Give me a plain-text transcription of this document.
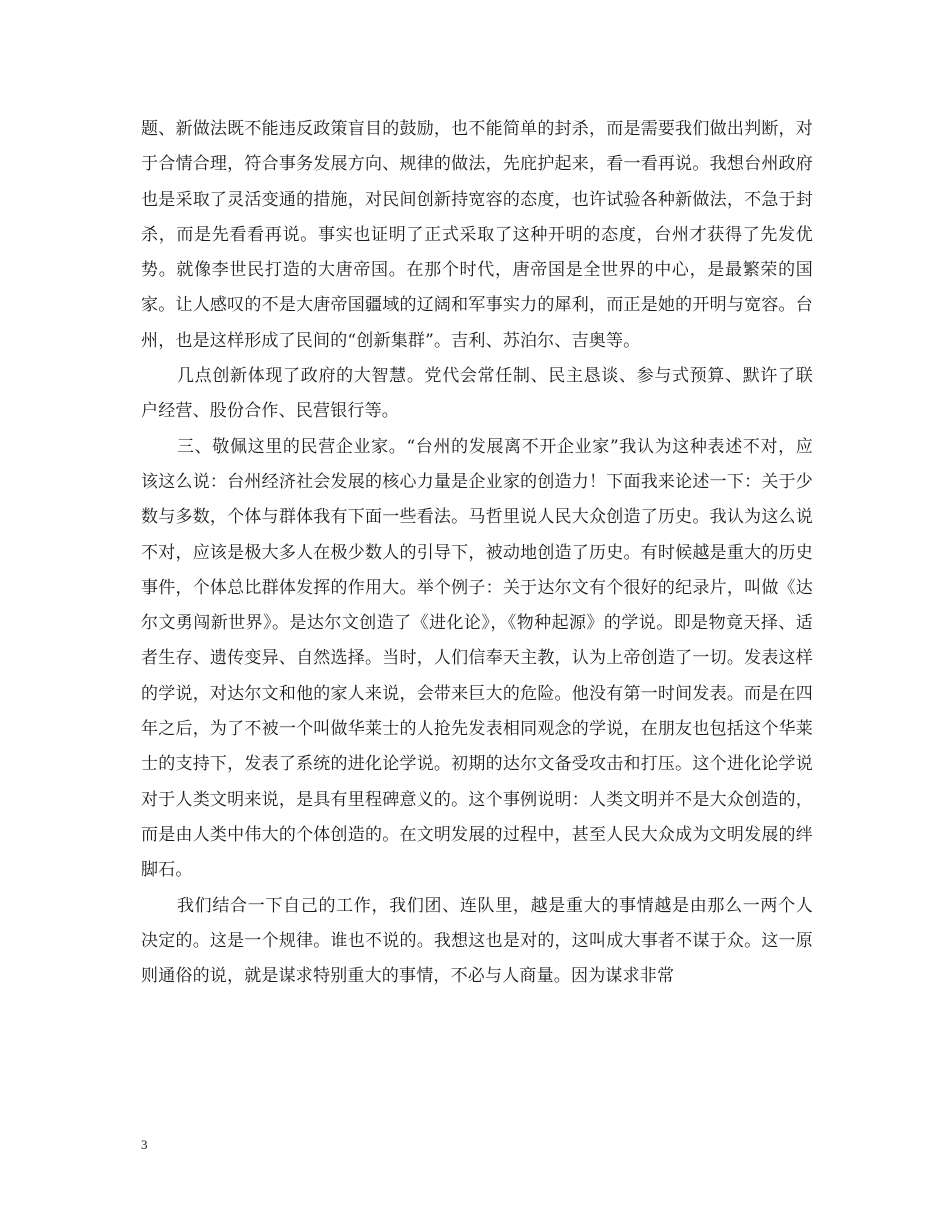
题、新做法既不能违反政策盲目的鼓励，也不能简单的封杀，而是需要我们做出判断，对于合情合理，符合事务发展方向、规律的做法，先庇护起来，看一看再说。我想台州政府也是采取了灵活变通的措施，对民间创新持宽容的态度，也许试验各种新做法，不急于封杀，而是先看看再说。事实也证明了正式采取了这种开明的态度，台州才获得了先发优势。就像李世民打造的大唐帝国。在那个时代，唐帝国是全世界的中心，是最繁荣的国家。让人感叹的不是大唐帝国疆域的辽阔和军事实力的犀利，而正是她的开明与宽容。台州，也是这样形成了民间的“创新集群”。吉利、苏泊尔、吉奥等。

几点创新体现了政府的大智慧。党代会常任制、民主恳谈、参与式预算、默许了联户经营、股份合作、民营银行等。

三、敬佩这里的民营企业家。“台州的发展离不开企业家”我认为这种表述不对，应该这么说：台州经济社会发展的核心力量是企业家的创造力！下面我来论述一下：关于少数与多数，个体与群体我有下面一些看法。马哲里说人民大众创造了历史。我认为这么说不对，应该是极大多人在极少数人的引导下，被动地创造了历史。有时候越是重大的历史事件，个体总比群体发挥的作用大。举个例子：关于达尔文有个很好的纪录片，叫做《达尔文勇闯新世界》。是达尔文创造了《进化论》，《物种起源》的学说。即是物竟天择、适者生存、遗传变异、自然选择。当时，人们信奉天主教，认为上帝创造了一切。发表这样的学说，对达尔文和他的家人来说，会带来巨大的危险。他没有第一时间发表。而是在四年之后，为了不被一个叫做华莱士的人抢先发表相同观念的学说，在朋友也包括这个华莱士的支持下，发表了系统的进化论学说。初期的达尔文备受攻击和打压。这个进化论学说对于人类文明来说，是具有里程碑意义的。这个事例说明：人类文明并不是大众创造的，而是由人类中伟大的个体创造的。在文明发展的过程中，甚至人民大众成为文明发展的绊脚石。

我们结合一下自己的工作，我们团、连队里，越是重大的事情越是由那么一两个人决定的。这是一个规律。谁也不说的。我想这也是对的，这叫成大事者不谋于众。这一原则通俗的说，就是谋求特别重大的事情，不必与人商量。因为谋求非常

3
